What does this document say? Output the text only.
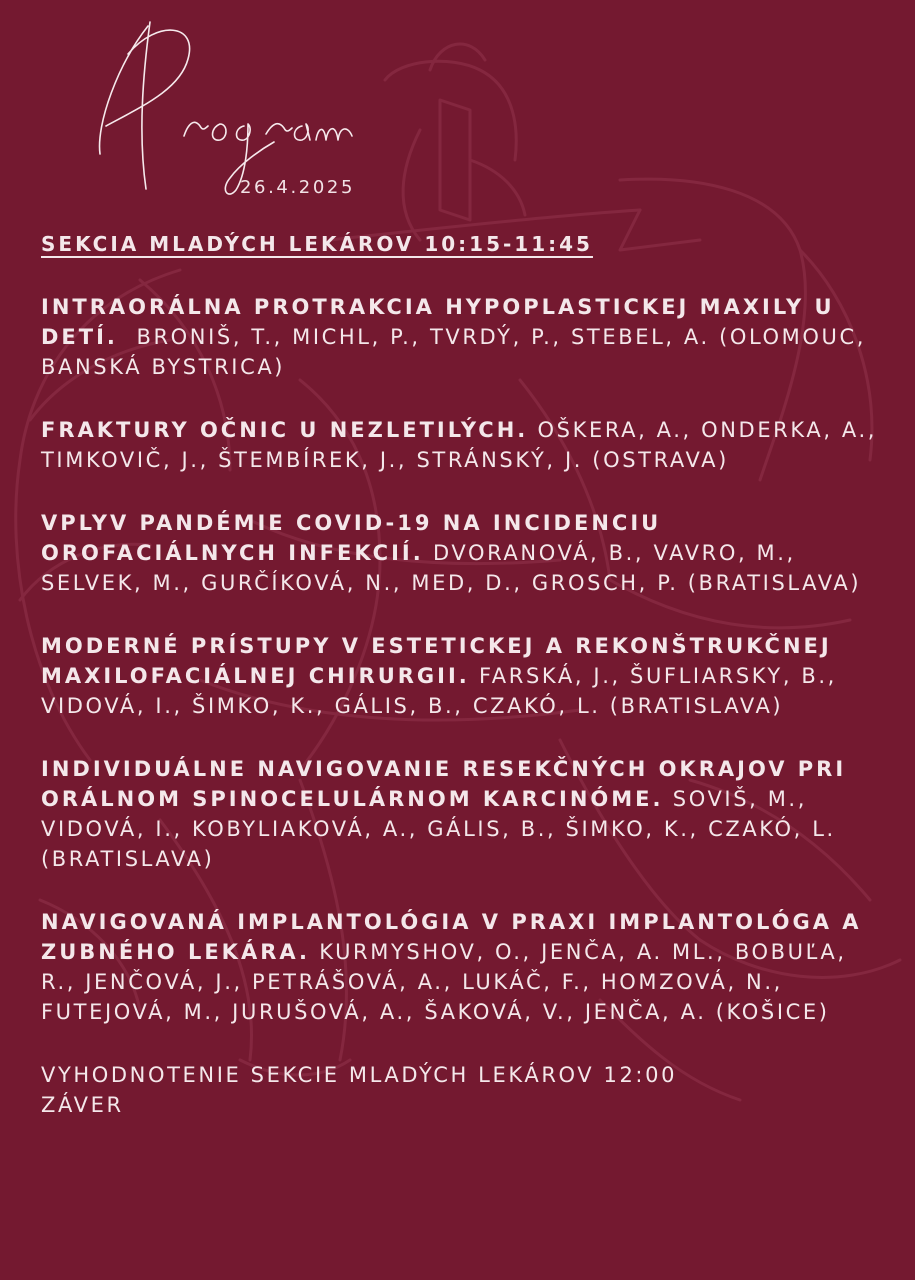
26.4.2025
SEKCIA MLADÝCH LEKÁROV 10:15-11:45
INTRAORÁLNA PROTRAKCIA HYPOPLASTICKEJ MAXILY U DETÍ. BRONIŠ, T., MICHL, P., TVRDÝ, P., STEBEL, A. (OLOMOUC, BANSKÁ BYSTRICA)
FRAKTURY OČNIC U NEZLETILÝCH. OŠKERA, A., ONDERKA, A., TIMKOVIČ, J., ŠTEMBÍREK, J., STRÁNSKÝ, J. (OSTRAVA)
VPLYV PANDÉMIE COVID-19 NA INCIDENCIU OROFACIÁLNYCH INFEKCIÍ. DVORANOVÁ, B., VAVRO, M., SELVEK, M., GURČÍKOVÁ, N., MED, D., GROSCH, P. (BRATISLAVA)
MODERNÉ PRÍSTUPY V ESTETICKEJ A REKONŠTRUKČNEJ MAXILOFACIÁLNEJ CHIRURGII. FARSKÁ, J., ŠUFLIARSKY, B., VIDOVÁ, I., ŠIMKO, K., GÁLIS, B., CZAKÓ, L. (BRATISLAVA)
INDIVIDUÁLNE NAVIGOVANIE RESEKČNÝCH OKRAJOV PRI ORÁLNOM SPINOCELULÁRNOM KARCINÓME. SOVIŠ, M., VIDOVÁ, I., KOBYLIAKOVÁ, A., GÁLIS, B., ŠIMKO, K., CZAKÓ, L. (BRATISLAVA)
NAVIGOVANÁ IMPLANTOLÓGIA V PRAXI IMPLANTOLÓGA A ZUBNÉHO LEKÁRA. KURMYSHOV, O., JENČA, A. ML., BOBUĽA, R., JENČOVÁ, J., PETRÁŠOVÁ, A., LUKÁČ, F., HOMZOVÁ, N., FUTEJOVÁ, M., JURUŠOVÁ, A., ŠAKOVÁ, V., JENČA, A. (KOŠICE)
VYHODNOTENIE SEKCIE MLADÝCH LEKÁROV 12:00
ZÁVER
